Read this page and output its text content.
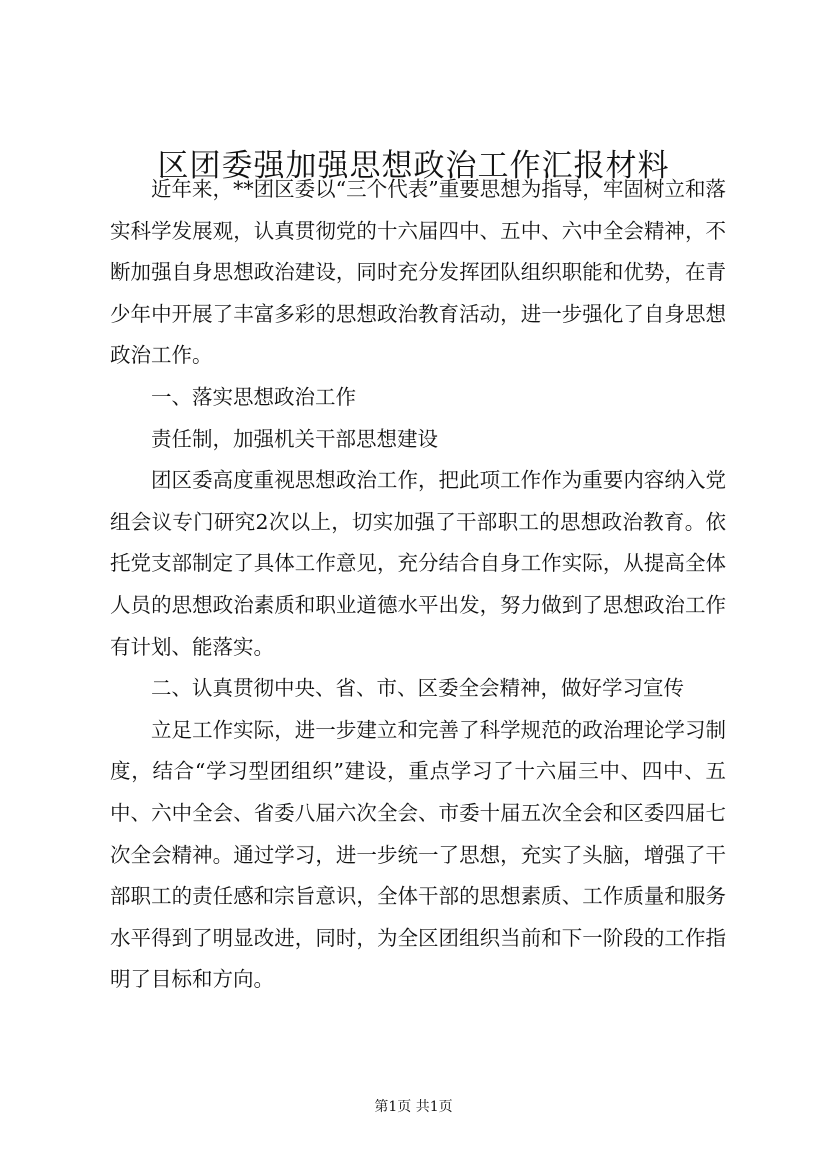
区团委强加强思想政治工作汇报材料

近年来，**团区委以“三个代表”重要思想为指导，牢固树立和落实科学发展观，认真贯彻党的十六届四中、五中、六中全会精神，不断加强自身思想政治建设，同时充分发挥团队组织职能和优势，在青少年中开展了丰富多彩的思想政治教育活动，进一步强化了自身思想政治工作。

一、落实思想政治工作

责任制，加强机关干部思想建设

团区委高度重视思想政治工作，把此项工作作为重要内容纳入党组会议专门研究2次以上，切实加强了干部职工的思想政治教育。依托党支部制定了具体工作意见，充分结合自身工作实际，从提高全体人员的思想政治素质和职业道德水平出发，努力做到了思想政治工作有计划、能落实。

二、认真贯彻中央、省、市、区委全会精神，做好学习宣传

立足工作实际，进一步建立和完善了科学规范的政治理论学习制度，结合“学习型团组织”建设，重点学习了十六届三中、四中、五中、六中全会、省委八届六次全会、市委十届五次全会和区委四届七次全会精神。通过学习，进一步统一了思想，充实了头脑，增强了干部职工的责任感和宗旨意识，全体干部的思想素质、工作质量和服务水平得到了明显改进，同时，为全区团组织当前和下一阶段的工作指明了目标和方向。

第1页 共1页
